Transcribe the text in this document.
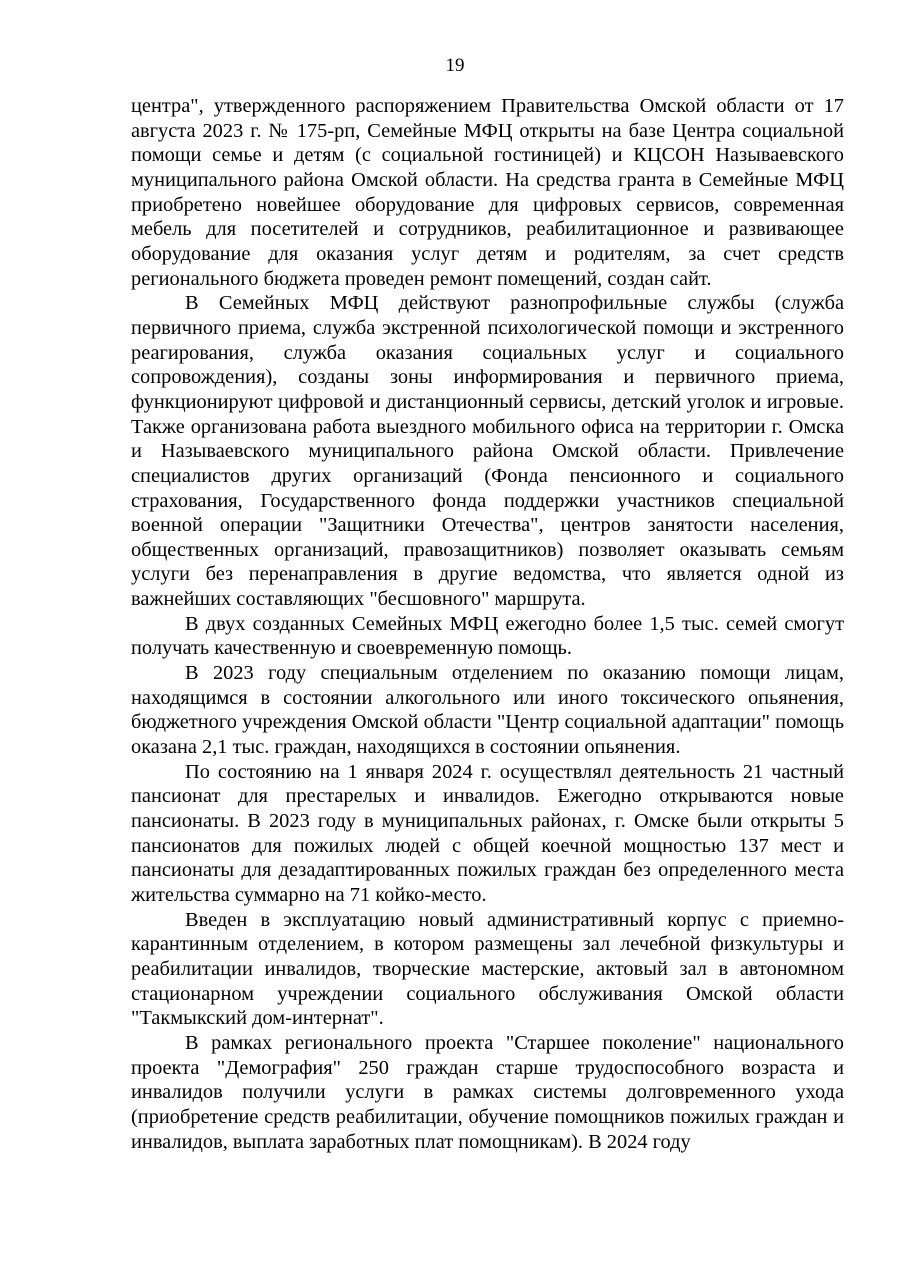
19

центра", утвержденного распоряжением Правительства Омской области от 17 августа 2023 г. № 175-рп, Семейные МФЦ открыты на базе Центра социальной помощи семье и детям (с социальной гостиницей) и КЦСОН Называевского муниципального района Омской области. На средства гранта в Семейные МФЦ приобретено новейшее оборудование для цифровых сервисов, современная мебель для посетителей и сотрудников, реабилитационное и развивающее оборудование для оказания услуг детям и родителям, за счет средств регионального бюджета проведен ремонт помещений, создан сайт.

В Семейных МФЦ действуют разнопрофильные службы (служба первичного приема, служба экстренной психологической помощи и экстренного реагирования, служба оказания социальных услуг и социального сопровождения), созданы зоны информирования и первичного приема, функционируют цифровой и дистанционный сервисы, детский уголок и игровые. Также организована работа выездного мобильного офиса на территории г. Омска и Называевского муниципального района Омской области. Привлечение специалистов других организаций (Фонда пенсионного и социального страхования, Государственного фонда поддержки участников специальной военной операции "Защитники Отечества", центров занятости населения, общественных организаций, правозащитников) позволяет оказывать семьям услуги без перенаправления в другие ведомства, что является одной из важнейших составляющих "бесшовного" маршрута.

В двух созданных Семейных МФЦ ежегодно более 1,5 тыс. семей смогут получать качественную и своевременную помощь.

В 2023 году специальным отделением по оказанию помощи лицам, находящимся в состоянии алкогольного или иного токсического опьянения, бюджетного учреждения Омской области "Центр социальной адаптации" помощь оказана 2,1 тыс. граждан, находящихся в состоянии опьянения.

По состоянию на 1 января 2024 г. осуществлял деятельность 21 частный пансионат для престарелых и инвалидов. Ежегодно открываются новые пансионаты. В 2023 году в муниципальных районах, г. Омске были открыты 5 пансионатов для пожилых людей с общей коечной мощностью 137 мест и пансионаты для дезадаптированных пожилых граждан без определенного места жительства суммарно на 71 койко-место.

Введен в эксплуатацию новый административный корпус с приемно-карантинным отделением, в котором размещены зал лечебной физкультуры и реабилитации инвалидов, творческие мастерские, актовый зал в автономном стационарном учреждении социального обслуживания Омской области "Такмыкский дом-интернат".

В рамках регионального проекта "Старшее поколение" национального проекта "Демография" 250 граждан старше трудоспособного возраста и инвалидов получили услуги в рамках системы долговременного ухода (приобретение средств реабилитации, обучение помощников пожилых граждан и инвалидов, выплата заработных плат помощникам). В 2024 году
